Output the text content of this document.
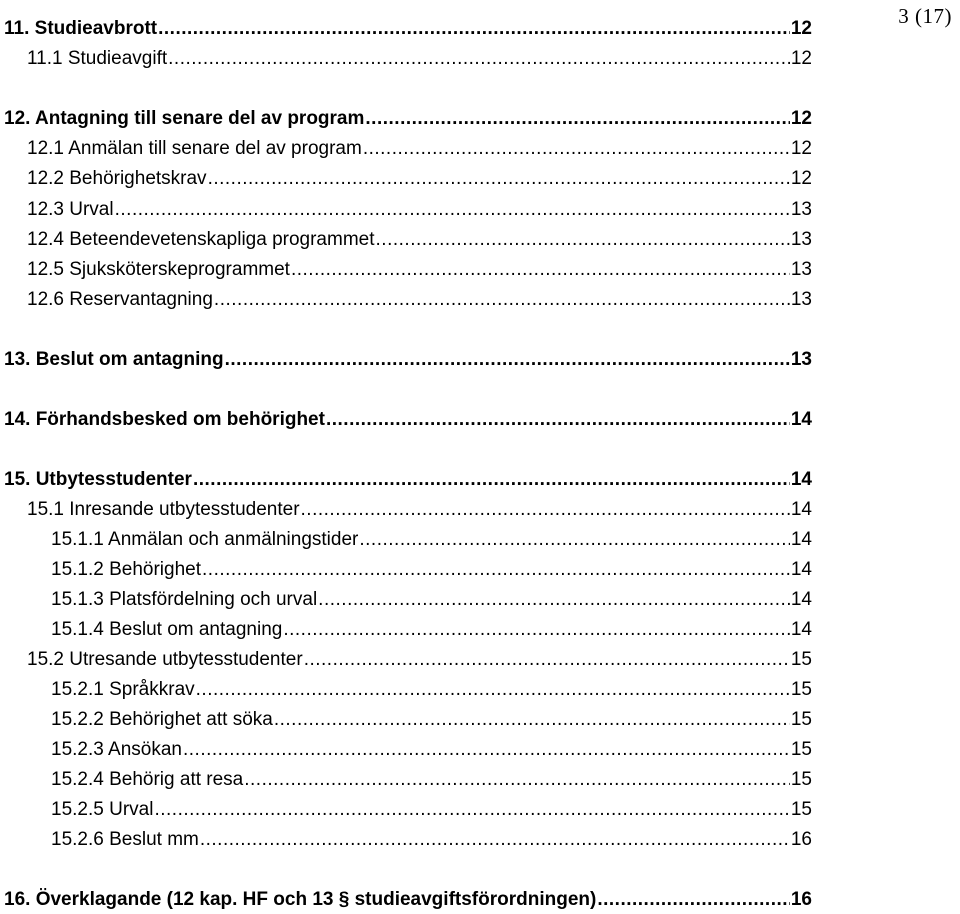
3 (17)
11. Studieavbrott .....	12
11.1 Studieavgift .....	12
12. Antagning till senare del av program .....	12
12.1 Anmälan till senare del av program .....	12
12.2 Behörighetskrav .....	12
12.3 Urval .....	13
12.4 Beteendevetenskapliga programmet .....	13
12.5 Sjuksköterskeprogrammet .....	13
12.6 Reservantagning .....	13
13. Beslut om antagning .....	13
14. Förhandsbesked om behörighet .....	14
15. Utbytesstudenter .....	14
15.1 Inresande utbytesstudenter .....	14
15.1.1 Anmälan och anmälningstider .....	14
15.1.2 Behörighet .....	14
15.1.3 Platsfördelning och urval .....	14
15.1.4 Beslut om antagning .....	14
15.2 Utresande utbytesstudenter .....	15
15.2.1 Språkkrav .....	15
15.2.2 Behörighet att söka .....	15
15.2.3 Ansökan .....	15
15.2.4 Behörig att resa .....	15
15.2.5 Urval .....	15
15.2.6 Beslut mm .....	16
16. Överklagande (12 kap. HF och 13 § studieavgiftsförordningen) .....	16
